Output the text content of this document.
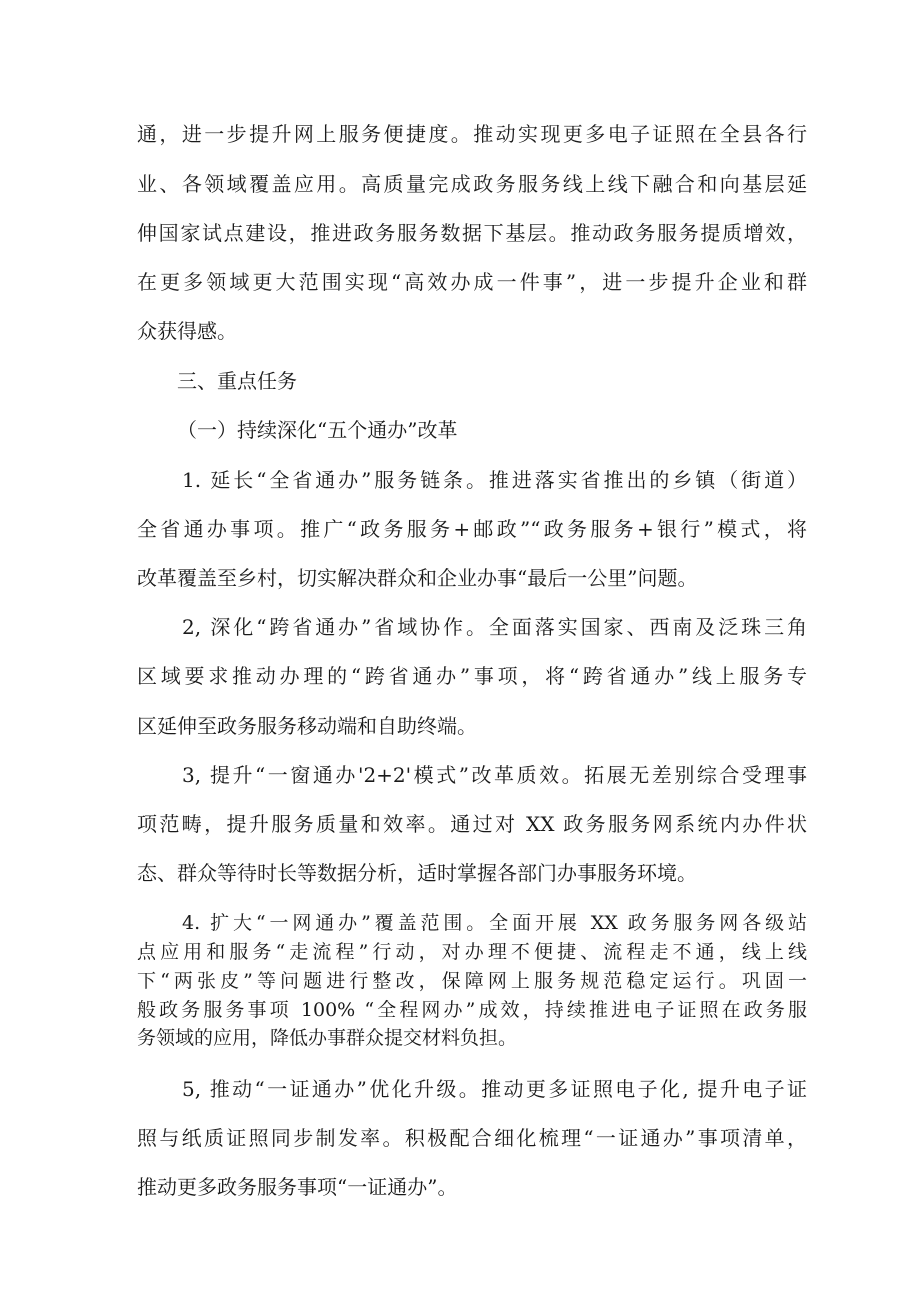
通，进一步提升网上服务便捷度。推动实现更多电子证照在全县各行
业、各领域覆盖应用。高质量完成政务服务线上线下融合和向基层延
伸国家试点建设，推进政务服务数据下基层。推动政务服务提质增效，
在更多领域更大范围实现“高效办成一件事”，进一步提升企业和群
众获得感。
三、重点任务
（一）持续深化“五个通办”改革
1. 延长“全省通办”服务链条。推进落实省推出的乡镇（街道）
全省通办事项。推广“政务服务+邮政”“政务服务+银行”模式，将
改革覆盖至乡村，切实解决群众和企业办事“最后一公里”问题。
2, 深化“跨省通办”省域协作。全面落实国家、西南及泛珠三角
区域要求推动办理的“跨省通办”事项，将“跨省通办”线上服务专
区延伸至政务服务移动端和自助终端。
3, 提升“一窗通办'2+2'模式”改革质效。拓展无差别综合受理事
项范畴，提升服务质量和效率。通过对 XX 政务服务网系统内办件状
态、群众等待时长等数据分析，适时掌握各部门办事服务环境。
4. 扩大“一网通办”覆盖范围。全面开展 XX 政务服务网各级站
点应用和服务“走流程”行动，对办理不便捷、流程走不通，线上线
下“两张皮”等问题进行整改，保障网上服务规范稳定运行。巩固一
般政务服务事项 100% “全程网办”成效，持续推进电子证照在政务服
务领域的应用，降低办事群众提交材料负担。
5, 推动“一证通办”优化升级。推动更多证照电子化, 提升电子证
照与纸质证照同步制发率。积极配合细化梳理“一证通办”事项清单，
推动更多政务服务事项“一证通办”。
